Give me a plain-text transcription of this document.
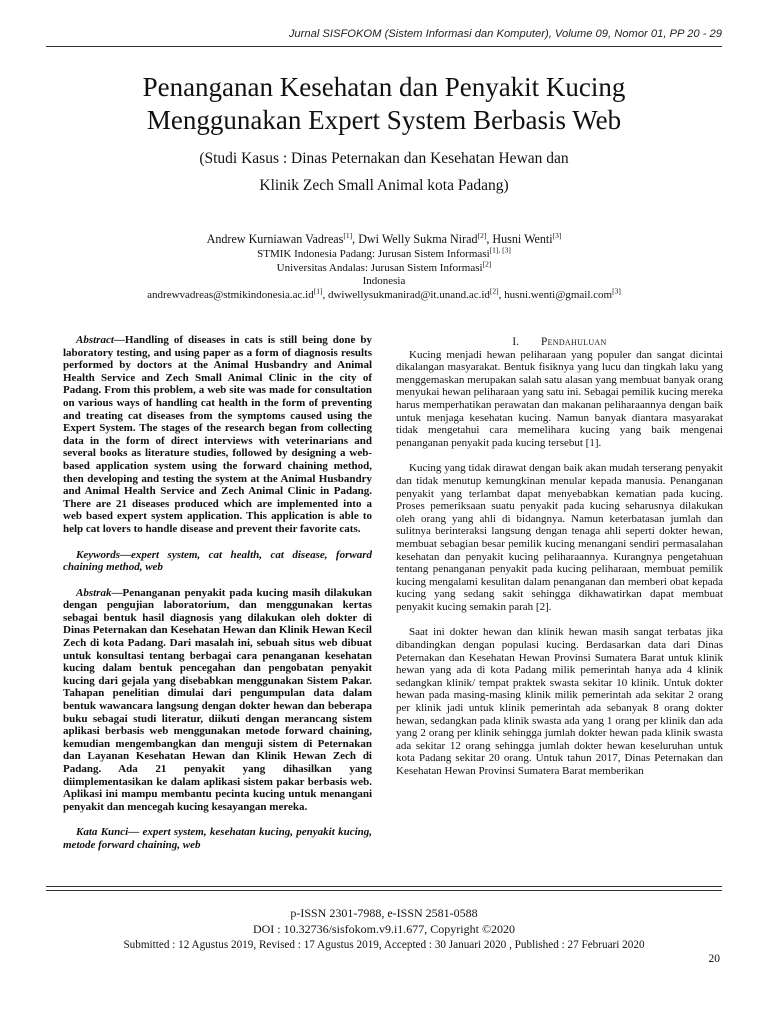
Jurnal SISFOKOM (Sistem Informasi dan Komputer), Volume 09, Nomor 01, PP 20 - 29
Penanganan Kesehatan dan Penyakit Kucing
Menggunakan Expert System Berbasis Web
(Studi Kasus : Dinas Peternakan dan Kesehatan Hewan dan
Klinik Zech Small Animal kota Padang)
Andrew Kurniawan Vadreas[1], Dwi Welly Sukma Nirad[2], Husni Wenti[3]
STMIK Indonesia Padang: Jurusan Sistem Informasi[1], [3]
Universitas Andalas: Jurusan Sistem Informasi[2]
Indonesia
andrewvadreas@stmikindonesia.ac.id[1], dwiwellysukmanirad@it.unand.ac.id[2], husni.wenti@gmail.com[3]

Abstract—Handling of diseases in cats is still being done by laboratory testing, and using paper as a form of diagnosis results performed by doctors at the Animal Husbandry and Animal Health Service and Zech Small Animal Clinic in the city of Padang. From this problem, a web site was made for consultation on various ways of handling cat health in the form of preventing and treating cat diseases from the symptoms caused using the Expert System. The stages of the research began from collecting data in the form of direct interviews with veterinarians and several books as literature studies, followed by designing a web-based application system using the forward chaining method, then developing and testing the system at the Animal Husbandry and Animal Health Service and Zech Animal Clinic in Padang. There are 21 diseases produced which are implemented into a web based expert system application. This application is able to help cat lovers to handle disease and prevent their favorite cats.

Keywords—expert system, cat health, cat disease, forward chaining method, web

Abstrak—Penanganan penyakit pada kucing masih dilakukan dengan pengujian laboratorium, dan menggunakan kertas sebagai bentuk hasil diagnosis yang dilakukan oleh dokter di Dinas Peternakan dan Kesehatan Hewan dan Klinik Hewan Kecil Zech di kota Padang. Dari masalah ini, sebuah situs web dibuat untuk konsultasi tentang berbagai cara penanganan kesehatan kucing dalam bentuk pencegahan dan pengobatan penyakit kucing dari gejala yang disebabkan menggunakan Sistem Pakar. Tahapan penelitian dimulai dari pengumpulan data dalam bentuk wawancara langsung dengan dokter hewan dan beberapa buku sebagai studi literatur, diikuti dengan merancang sistem aplikasi berbasis web menggunakan metode forward chaining, kemudian mengembangkan dan menguji sistem di Peternakan dan Layanan Kesehatan Hewan dan Klinik Hewan Zech di Padang. Ada 21 penyakit yang dihasilkan yang diimplementasikan ke dalam aplikasi sistem pakar berbasis web. Aplikasi ini mampu membantu pecinta kucing untuk menangani penyakit dan mencegah kucing kesayangan mereka.

Kata Kunci— expert system, kesehatan kucing, penyakit kucing, metode forward chaining, web

I. Pendahuluan

Kucing menjadi hewan peliharaan yang populer dan sangat dicintai dikalangan masyarakat. Bentuk fisiknya yang lucu dan tingkah laku yang menggemaskan merupakan salah satu alasan yang membuat banyak orang menyukai hewan peliharaan yang satu ini. Sebagai pemilik kucing mereka harus memperhatikan perawatan dan makanan peliharaannya dengan baik untuk menjaga kesehatan kucing. Namun banyak diantara masyarakat tidak mengetahui cara memelihara kucing yang baik mengenai penanganan penyakit pada kucing tersebut [1].

Kucing yang tidak dirawat dengan baik akan mudah terserang penyakit dan tidak menutup kemungkinan menular kepada manusia. Penanganan penyakit yang terlambat dapat menyebabkan kematian pada kucing. Proses pemeriksaan suatu penyakit pada kucing seharusnya dilakukan oleh orang yang ahli di bidangnya. Namun keterbatasan jumlah dan sulitnya berinteraksi langsung dengan tenaga ahli seperti dokter hewan, membuat sebagian besar pemilik kucing menangani sendiri permasalahan kesehatan dan penyakit kucing peliharaannya. Kurangnya pengetahuan tentang penanganan penyakit pada kucing peliharaan, membuat pemilik kucing mengalami kesulitan dalam penanganan dan memberi obat kepada kucing yang sedang sakit sehingga dikhawatirkan dapat membuat penyakit kucing semakin parah [2].

Saat ini dokter hewan dan klinik hewan masih sangat terbatas jika dibandingkan dengan populasi kucing. Berdasarkan data dari Dinas Peternakan dan Kesehatan Hewan Provinsi Sumatera Barat untuk klinik hewan yang ada di kota Padang milik pemerintah hanya ada 4 klinik sedangkan klinik/ tempat praktek swasta sekitar 10 klinik. Untuk dokter hewan pada masing-masing klinik milik pemerintah ada sekitar 2 orang per klinik jadi untuk klinik pemerintah ada sebanyak 8 orang dokter hewan, sedangkan pada klinik swasta ada yang 1 orang per klinik dan ada yang 2 orang per klinik sehingga jumlah dokter hewan pada klinik swasta ada sekitar 12 orang sehingga jumlah dokter hewan keseluruhan untuk kota Padang sekitar 20 orang. Untuk tahun 2017, Dinas Peternakan dan Kesehatan Hewan Provinsi Sumatera Barat memberikan

p-ISSN 2301-7988, e-ISSN 2581-0588
DOI : 10.32736/sisfokom.v9.i1.677, Copyright ©2020
Submitted : 12 Agustus 2019, Revised : 17 Agustus 2019, Accepted : 30 Januari 2020 , Published : 27 Februari 2020
20
